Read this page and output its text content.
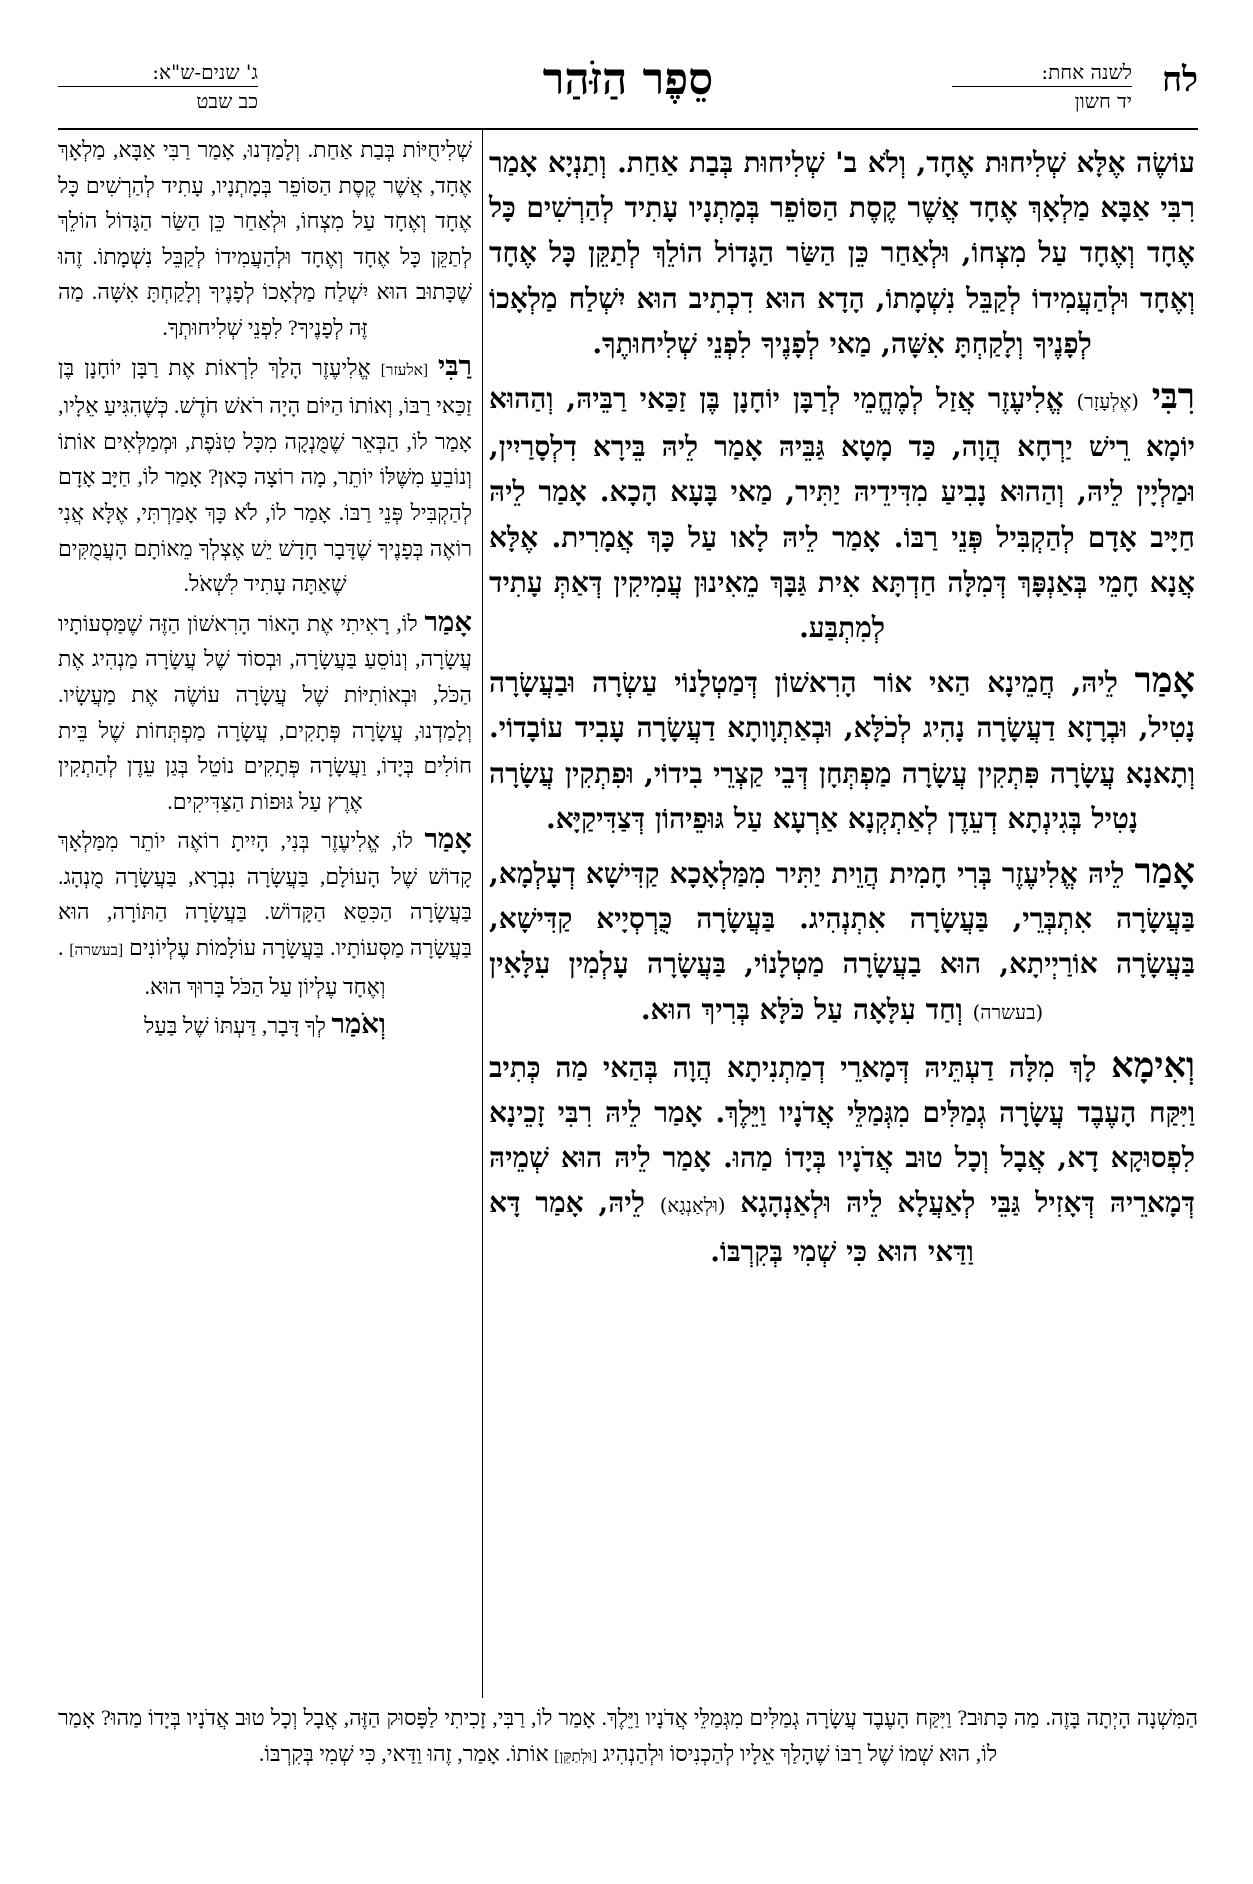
לח
לשנה אחת:
יד חשון
סֵפֶר הַזֹּהַר
ג' שנים-ש"א:
כב שבט

עוֹשֶׂה אֶלָּא שְׁלִיחוּת אֶחָד, וְלֹא ב' שְׁלִיחוּת בְּבַת אַחַת. וְתַנְיָא אָמַר רִבִּי אַבָּא מַלְאָךְ אֶחָד אֲשֶׁר קֶסֶת הַסּוֹפֵר בְּמָתְנָיו עָתִיד לְהַרְשִׁים כָּל אֶחָד וְאֶחָד עַל מִצְחוֹ, וּלְאַחַר כֵּן הַשַּׂר הַגָּדוֹל הוֹלֵךְ לְתַקֵּן כָּל אֶחָד וְאֶחָד וּלְהַעֲמִידוֹ לְקַבֵּל נִשְׁמָתוֹ, הָדָא הוּא דִכְתִיב הוּא יִשְׁלַח מַלְאָכוֹ לְפָנֶיךָ וְלָקַחְתָּ אִשָּׁה, מַאי לְפָנֶיךָ לִפְנֵי שְׁלִיחוּתֶךָ.

רִבִּי (אֶלְעָזָר) אֱלִיעֶזֶר אֲזַל לְמֶחֱמֵי לְרַבָּן יוֹחָנָן בֶּן זַכַּאי רַבֵּיהּ, וְהַהוּא יוֹמָא רֵישׁ יַרְחָא הֲוָה, כַּד מָטָא גַּבֵּיהּ אָמַר לֵיהּ בֵּירָא דִלְסָרַיִין, וּמַלְיָין לֵיהּ, וְהַהוּא נָבִיעַ מִדִּידֵיהּ יַתִּיר, מַאי בָּעָא הָכָא. אָמַר לֵיהּ חַיָּיב אָדָם לְהַקְבִּיל פְּנֵי רַבּוֹ. אָמַר לֵיהּ לָאו עַל כָּךְ אֲמָרִית. אֶלָּא אֲנָא חָמֵי בְּאַנְפָּךְ דְּמִלָּה חַדְתָּא אִית גַּבָּךְ מֵאִינוּן עֲמִיקִין דְּאַתְּ עָתִיד לְמִתְבַּע.

אָמַר לֵיהּ, חֲמֵינָא הַאי אוֹר הָרִאשׁוֹן דְּמַטְלָנוֹי עַשְׂרָה וּבַעֲשָׂרָה נָטִיל, וּבְרָזָא דַעֲשָׂרָה נָהִיג לְכֹלָּא, וּבְאַתְוָותָא דַעֲשָׂרָה עָבִיד עוֹבָדוֹי. וְתָאנָא עֲשָׂרָה פִּתְקִין עֲשָׂרָה מַפְתְּחָן דְּבֵי קַצְרֵי בִידוֹי, וּפִתְקִין עֲשָׂרָה נָטִיל בְּגִינְתָא דְעֵדֶן לְאַתְקְנָא אַרְעָא עַל גּוּפֵיהוֹן דְּצַדִּיקַיָּא.

אָמַר לֵיהּ אֱלִיעֶזֶר בְּרִי חָמִית הֲוֵית יַתִּיר מִמַּלְאָכָא קַדִּישָׁא דְעָלְמָא, בַּעֲשָׂרָה אִתְבְּרֵי, בַּעֲשָׂרָה אִתְנְהִיג. בַּעֲשָׂרָה כֻּרְסְיָיא קַדִּישָׁא, בַּעֲשָׂרָה אוֹרַיְיתָא, הוּא בַעֲשָׂרָה מַטְלָנוֹי, בַּעֲשָׂרָה עָלְמִין עִלָּאִין (בעשרה) וְחַד עִלָּאָה עַל כֹּלָּא בְּרִיךְ הוּא.

וְאִימָא לָךְ מִלָּה דַעְתֵּיהּ דְּמָארֵי דְמַתְנִיתָא הֲוָה בְּהַאי מַה כְּתִיב וַיִּקַּח הָעֶבֶד עֲשָׂרָה גְמַלִּים מִגְּמַלֵּי אֲדֹנָיו וַיֵּלֶךְ. אָמַר לֵיהּ רִבִּי זָכֵינָא לִפְסוּקָא דָא, אֲבָל וְכָל טוּב אֲדֹנָיו בְּיָדוֹ מַהוּ. אָמַר לֵיהּ הוּא שְׁמֵיהּ דְּמָארֵיהּ דְּאָזִיל גַּבֵּי לְאַעֲלָא לֵיהּ וּלְאַנְהָגָא (וּלְאַנְגָא) לֵיהּ, אָמַר דָּא וַדַּאי הוּא כִּי שְׁמִי בְּקִרְבּוֹ.

שְׁלִיחֻיּוֹת בְּבַת אַחַת. וְלָמַדְנוּ, אָמַר רַבִּי אַבָּא, מַלְאָךְ אֶחָד, אֲשֶׁר קֶסֶת הַסּוֹפֵר בְּמָתְנָיו, עָתִיד לְהַרְשִׁים כָּל אֶחָד וְאֶחָד עַל מִצְחוֹ, וּלְאַחַר כֵּן הַשַּׂר הַגָּדוֹל הוֹלֵךְ לְתַקֵּן כָּל אֶחָד וְאֶחָד וּלְהַעֲמִידוֹ לְקַבֵּל נִשְׁמָתוֹ. זֶהוּ שֶׁכָּתוּב הוּא יִשְׁלַח מַלְאָכוֹ לְפָנֶיךָ וְלָקַחְתָּ אִשָּׁה. מַה זֶּה לְפָנֶיךָ? לִפְנֵי שְׁלִיחוּתְךָ.

רַבִּי [אלעזר] אֱלִיעֶזֶר הָלַךְ לִרְאוֹת אֶת רַבָּן יוֹחָנָן בֶּן זַכַּאי רַבּוֹ, וְאוֹתוֹ הַיּוֹם הָיָה רֹאשׁ חֹדֶשׁ. כְּשֶׁהִגִּיעַ אֵלָיו, אָמַר לוֹ, הַבְּאֵר שֶׁמֻּנְקָה מִכָּל טִנֹּפֶת, וּמְמַלְּאִים אוֹתוֹ וְנוֹבֵעַ מִשֶּׁלּוֹ יוֹתֵר, מָה רוֹצָה כָּאן? אָמַר לוֹ, חַיָּב אָדָם לְהַקְבִּיל פְּנֵי רַבּוֹ. אָמַר לוֹ, לֹא כָּךְ אָמַרְתִּי, אֶלָּא אֲנִי רוֹאֶה בְּפָנֶיךָ שֶׁדָּבָר חָדָשׁ יֵשׁ אֶצְלְךָ מֵאוֹתָם הָעֲמֻקִּים שֶׁאַתָּה עָתִיד לִשְׁאֹל.

אָמַר לוֹ, רָאִיתִי אֶת הָאוֹר הָרִאשׁוֹן הַזֶּה שֶׁמַּסְעוֹתָיו עֲשָׂרָה, וְנוֹסֵעַ בַּעֲשָׂרָה, וּבְסוֹד שֶׁל עֲשָׂרָה מַנְהִיג אֶת הַכֹּל, וּבְאוֹתִיּוֹת שֶׁל עֲשָׂרָה עוֹשֶׂה אֶת מַעֲשָׂיו. וְלָמַדְנוּ, עֲשָׂרָה פְּתָקִים, עֲשָׂרָה מַפְתְּחוֹת שֶׁל בֵּית חוֹלִים בְּיָדוֹ, וַעֲשָׂרָה פְּתָקִים נוֹטֵל בְּגַן עֵדֶן לְהַתְקִין אֶרֶץ עַל גּוּפוֹת הַצַּדִּיקִים.

אָמַר לוֹ, אֱלִיעֶזֶר בְּנִי, הָיִיתָ רוֹאֶה יוֹתֵר מִמַּלְאָךְ קָדוֹשׁ שֶׁל הָעוֹלָם, בַּעֲשָׂרָה נִבְרָא, בַּעֲשָׂרָה מֻנְהָג. בַּעֲשָׂרָה הַכִּסֵּא הַקָּדוֹשׁ. בַּעֲשָׂרָה הַתּוֹרָה, הוּא בַּעֲשָׂרָה מַסְּעוֹתָיו. בַּעֲשָׂרָה עוֹלָמוֹת עֶלְיוֹנִים [בעשרה] . וְאֶחָד עֶלְיוֹן עַל הַכֹּל בָּרוּךְ הוּא.

וְאֹמַר לְךָ דָּבָר, דַּעְתּוֹ שֶׁל בַּעַל

הַמִּשְׁנָה הָיְתָה בָּזֶה. מַה כָּתוּב? וַיִּקַּח הָעֶבֶד עֲשָׂרָה גְמַלִּים מִגְּמַלֵּי אֲדֹנָיו וַיֵּלֶךְ. אָמַר לוֹ, רַבִּי, זָכִיתִי לַפָּסוּק הַזֶּה, אֲבָל וְכָל טוּב אֲדֹנָיו בְּיָדוֹ מַהוּ? אָמַר לוֹ, הוּא שְׁמוֹ שֶׁל רַבּוֹ שֶׁהָלַךְ אֵלָיו לְהַכְנִיסוֹ וּלְהַנְהִיג [וּלְתַקֵּן] אוֹתוֹ. אָמַר, זֶהוּ וַדַּאי, כִּי שְׁמִי בְּקִרְבּוֹ.
